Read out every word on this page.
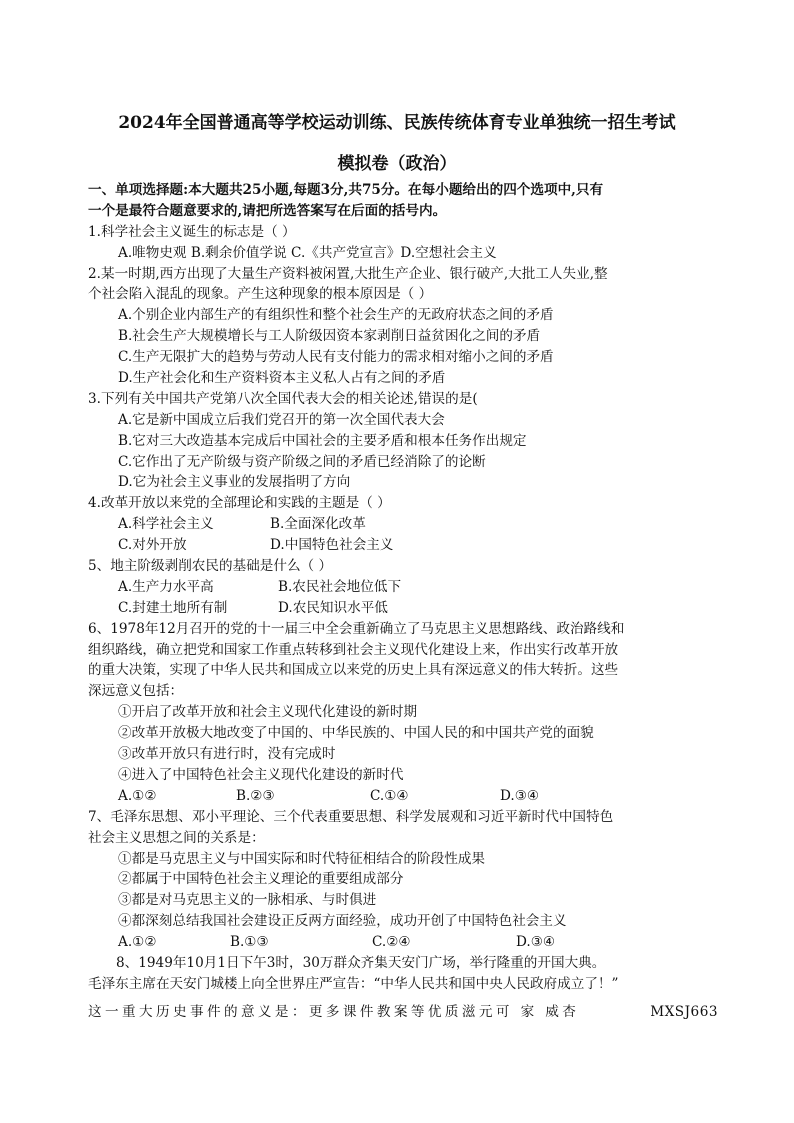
2024年全国普通高等学校运动训练、民族传统体育专业单独统一招生考试
模拟卷（政治）
一、单项选择题:本大题共25小题,每题3分,共75分。在每小题给出的四个选项中,只有
一个是最符合题意要求的,请把所选答案写在后面的括号内。
1.科学社会主义诞生的标志是（ ）
A.唯物史观 B.剩余价值学说 C.《共产党宣言》D.空想社会主义
2.某一时期,西方出现了大量生产资料被闲置,大批生产企业、银行破产,大批工人失业,整
个社会陷入混乱的现象。产生这种现象的根本原因是（ ）
A.个别企业内部生产的有组织性和整个社会生产的无政府状态之间的矛盾
B.社会生产大规模增长与工人阶级因资本家剥削日益贫困化之间的矛盾
C.生产无限扩大的趋势与劳动人民有支付能力的需求相对缩小之间的矛盾
D.生产社会化和生产资料资本主义私人占有之间的矛盾
3.下列有关中国共产党第八次全国代表大会的相关论述,错误的是(
A.它是新中国成立后我们党召开的第一次全国代表大会
B.它对三大改造基本完成后中国社会的主要矛盾和根本任务作出规定
C.它作出了无产阶级与资产阶级之间的矛盾已经消除了的论断
D.它为社会主义事业的发展指明了方向
4.改革开放以来党的全部理论和实践的主题是（ ）
A.科学社会主义	B.全面深化改革
C.对外开放	D.中国特色社会主义
5、地主阶级剥削农民的基础是什么（ ）
A.生产力水平高	B.农民社会地位低下
C.封建土地所有制	D.农民知识水平低
6、1978年12月召开的党的十一届三中全会重新确立了马克思主义思想路线、政治路线和
组织路线，确立把党和国家工作重点转移到社会主义现代化建设上来，作出实行改革开放
的重大决策，实现了中华人民共和国成立以来党的历史上具有深远意义的伟大转折。这些
深远意义包括：
①开启了改革开放和社会主义现代化建设的新时期
②改革开放极大地改变了中国的、中华民族的、中国人民的和中国共产党的面貌
③改革开放只有进行时，没有完成时
④进入了中国特色社会主义现代化建设的新时代
A.①②	B.②③	C.①④	D.③④
7、毛泽东思想、邓小平理论、三个代表重要思想、科学发展观和习近平新时代中国特色
社会主义思想之间的关系是：
①都是马克思主义与中国实际和时代特征相结合的阶段性成果
②都属于中国特色社会主义理论的重要组成部分
③都是对马克思主义的一脉相承、与时俱进
④都深刻总结我国社会建设正反两方面经验，成功开创了中国特色社会主义
A.①②	B.①③	C.②④	D.③④
8、1949年10月1日下午3时，30万群众齐集天安门广场，举行隆重的开国大典。
毛泽东主席在天安门城楼上向全世界庄严宣告：“中华人民共和国中央人民政府成立了！”
这一重大历史事件的意义是：更多课件教案等优质滋元可 家 威杏	MXSJ663
